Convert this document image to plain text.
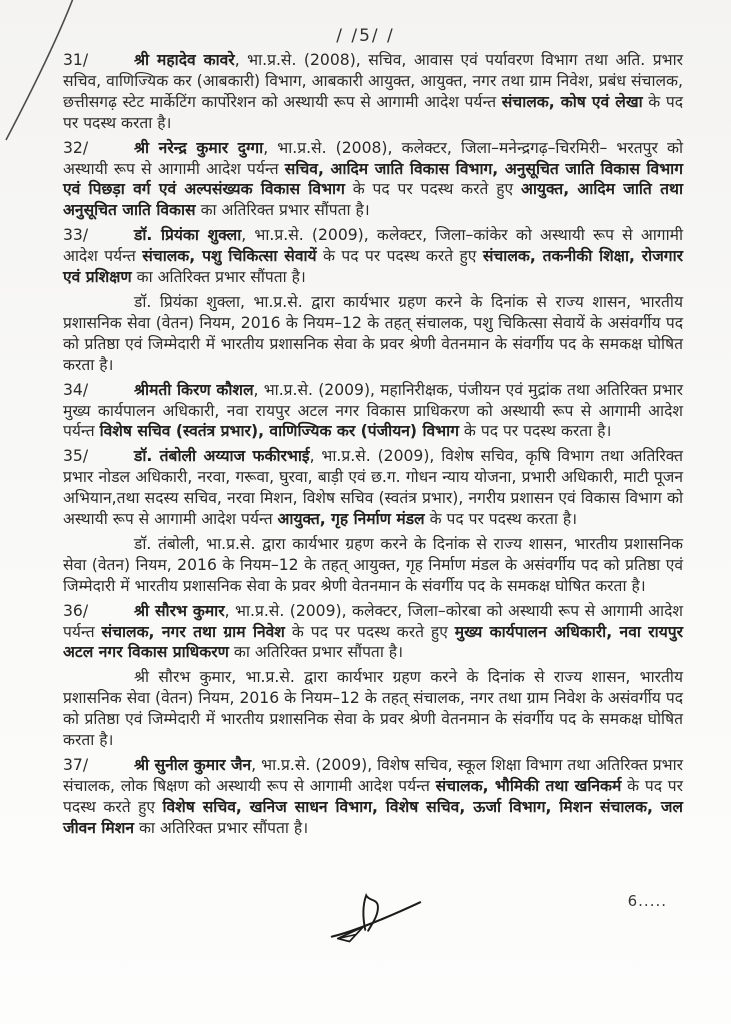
/ /5/ /
31/	श्री महादेव कावरे, भा.प्र.से. (2008), सचिव, आवास एवं पर्यावरण विभाग तथा अति. प्रभार सचिव, वाणिज्यिक कर (आबकारी) विभाग, आबकारी आयुक्त, आयुक्त, नगर तथा ग्राम निवेश, प्रबंध संचालक, छत्तीसगढ़ स्टेट मार्केटिंग कार्पोरेशन को अस्थायी रूप से आगामी आदेश पर्यन्त संचालक, कोष एवं लेखा के पद पर पदस्थ करता है।
32/	श्री नरेन्द्र कुमार दुग्गा, भा.प्र.से. (2008), कलेक्टर, जिला–मनेन्द्रगढ़–चिरमिरी– भरतपुर को अस्थायी रूप से आगामी आदेश पर्यन्त सचिव, आदिम जाति विकास विभाग, अनुसूचित जाति विकास विभाग एवं पिछड़ा वर्ग एवं अल्पसंख्यक विकास विभाग के पद पर पदस्थ करते हुए आयुक्त, आदिम जाति तथा अनुसूचित जाति विकास का अतिरिक्त प्रभार सौंपता है।
33/	डॉ. प्रियंका शुक्ला, भा.प्र.से. (2009), कलेक्टर, जिला–कांकेर को अस्थायी रूप से आगामी आदेश पर्यन्त संचालक, पशु चिकित्सा सेवायें के पद पर पदस्थ करते हुए संचालक, तकनीकी शिक्षा, रोजगार एवं प्रशिक्षण का अतिरिक्त प्रभार सौंपता है।
डॉ. प्रियंका शुक्ला, भा.प्र.से. द्वारा कार्यभार ग्रहण करने के दिनांक से राज्य शासन, भारतीय प्रशासनिक सेवा (वेतन) नियम, 2016 के नियम–12 के तहत् संचालक, पशु चिकित्सा सेवायें के असंवर्गीय पद को प्रतिष्ठा एवं जिम्मेदारी में भारतीय प्रशासनिक सेवा के प्रवर श्रेणी वेतनमान के संवर्गीय पद के समकक्ष घोषित करता है।
34/	श्रीमती किरण कौशल, भा.प्र.से. (2009), महानिरीक्षक, पंजीयन एवं मुद्रांक तथा अतिरिक्त प्रभार मुख्य कार्यपालन अधिकारी, नवा रायपुर अटल नगर विकास प्राधिकरण को अस्थायी रूप से आगामी आदेश पर्यन्त विशेष सचिव (स्वतंत्र प्रभार), वाणिज्यिक कर (पंजीयन) विभाग के पद पर पदस्थ करता है।
35/	डॉ. तंबोली अय्याज फकीरभाई, भा.प्र.से. (2009), विशेष सचिव, कृषि विभाग तथा अतिरिक्त प्रभार नोडल अधिकारी, नरवा, गरूवा, घुरवा, बाड़ी एवं छ.ग. गोधन न्याय योजना, प्रभारी अधिकारी, माटी पूजन अभियान,तथा सदस्य सचिव, नरवा मिशन, विशेष सचिव (स्वतंत्र प्रभार), नगरीय प्रशासन एवं विकास विभाग को अस्थायी रूप से आगामी आदेश पर्यन्त आयुक्त, गृह निर्माण मंडल के पद पर पदस्थ करता है।
डॉ. तंबोली, भा.प्र.से. द्वारा कार्यभार ग्रहण करने के दिनांक से राज्य शासन, भारतीय प्रशासनिक सेवा (वेतन) नियम, 2016 के नियम–12 के तहत् आयुक्त, गृह निर्माण मंडल के असंवर्गीय पद को प्रतिष्ठा एवं जिम्मेदारी में भारतीय प्रशासनिक सेवा के प्रवर श्रेणी वेतनमान के संवर्गीय पद के समकक्ष घोषित करता है।
36/	श्री सौरभ कुमार, भा.प्र.से. (2009), कलेक्टर, जिला–कोरबा को अस्थायी रूप से आगामी आदेश पर्यन्त संचालक, नगर तथा ग्राम निवेश के पद पर पदस्थ करते हुए मुख्य कार्यपालन अधिकारी, नवा रायपुर अटल नगर विकास प्राधिकरण का अतिरिक्त प्रभार सौंपता है।
श्री सौरभ कुमार, भा.प्र.से. द्वारा कार्यभार ग्रहण करने के दिनांक से राज्य शासन, भारतीय प्रशासनिक सेवा (वेतन) नियम, 2016 के नियम–12 के तहत् संचालक, नगर तथा ग्राम निवेश के असंवर्गीय पद को प्रतिष्ठा एवं जिम्मेदारी में भारतीय प्रशासनिक सेवा के प्रवर श्रेणी वेतनमान के संवर्गीय पद के समकक्ष घोषित करता है।
37/	श्री सुनील कुमार जैन, भा.प्र.से. (2009), विशेष सचिव, स्कूल शिक्षा विभाग तथा अतिरिक्त प्रभार संचालक, लोक षिक्षण को अस्थायी रूप से आगामी आदेश पर्यन्त संचालक, भौमिकी तथा खनिकर्म के पद पर पदस्थ करते हुए विशेष सचिव, खनिज साधन विभाग, विशेष सचिव, ऊर्जा विभाग, मिशन संचालक, जल जीवन मिशन का अतिरिक्त प्रभार सौंपता है।
6.....
